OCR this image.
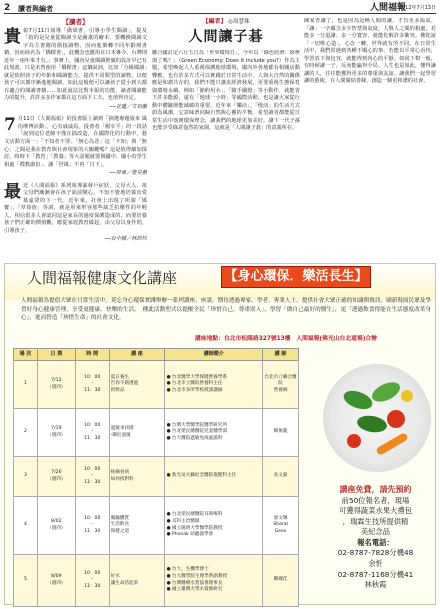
2 讀者與編者	人間福報
2012年7月13日
【讀者】

貴 報7月11日報導「僑梁書，引導小學生閱讀」，提及「指的是兒童從閱讀全是圖畫的繪本，要轉換閱讀文字為主書籍的銜接讀物，因而進銜轉不同年齡層書籍，因而商名為「橋樑書」，此概念也應用在日本專今，台灣則近年一兩年來才有。」事實上，國內兒童閱讀推廣的設計早已有此規畫，只是未曾使用「橋樑書」這個說詞，比如「分級閱讀」就是依照孩子的年齡和閱讀能力，提供不同類型的讀物，以便孩子可以循序漸進地閱讀，如此這般便可以讓孩子從小到大都有適合的閱讀書籍……如此說法比對本報的功能，讀者閱讀能力的提升，許許多多作家都在這方面下工夫，也值得肯定。

──花蓮／文如蘭

7 月11日《人間福報》的投書版上讀到「摘選專題報來 風俗摩博活動」，心有戚戚焉。投書者「楊宰平」的一段話「說到這位老師不僅在搞改造，在國際化的行動中，藝文活動方面一」「不知者不罪」「無心為惡」這「不知」與「無心」之間是我在教育與社會現象的大關鍵嗎？這是值得細加探討，時時下「教育」「教養」等大話題就要與國中、國小的學生相處「禮教庸俗」、讓「世風」不再「日下」。

──屏東／曾昊蕙

最 近《人間福報》系列報導暴發戶症狀，父母大人、祖父母們漸漸會在孩子面前變心，不知不覺地培養出愛慕虛榮的下一代。近年來，社會上出現了所謂「媽寶」、「草莓族」等詞，就是用來形容那些缺乏抗壓性的年輕人。相信很多人會認同這是家長的過度保護造成的。而要培養孩子們正確的價值觀，應從家庭教育做起，由父母以身作則，引導孩子。

──台中縣／林妙玲
【編者】 ◎周慧珠
人間讓子碁

聯合國訂定六月五日為「世界環境日」，今年以「綠色經濟：妳參與了嗎？」（Green Economy: Does it include you?）作為主題，希望喚起人人重視保護地球環境，國內外各地都有相關活動響應，也有許多方式可以實踐於日常生活中。人與大自然的關係應是和諧共存的，我們不能只講求經濟發展，更要重視生態保育與環境永續。例如「節約用水」、「隨手關燈」等小動作，就能省下許多能源。還有「地球一小時」等國際活動，也是讓大家從行動中體驗節能減碳的重要。近年來「樂活」、「慢活」的生活方式蔚為風潮，它意味著回歸自然與心靈的平衡。希望讀者都能從日常生活中落實環保理念，讓我們的地球更加美好，讓下一代子孫也能享受綠意盎然的家園，這就是「人間讓子碁」的意義所在。

陳家杏讓了，也是因為這種人間的讓，才有更多福氣。「讓」一字蘊含多少智慧與氣度，人與人之間的相處，若能多一分退讓、多一分寬容，就能化解許多衝突。佛陀說「一切唯心造」，心念一轉，世界就有所不同。在日常生活中，我們常遇到各種不順心的事，若能以平常心看待，學習放下與包容，就能得到內心的平靜。如同下棋一般，有時候讓一子，反而能贏得全局。人生也是如此，懂得謙讓的人，往往能獲得更多的尊重與友誼。讓我們一起學習讓的藝術，在人間廣結善緣，創造一個更和諧的社會。

人間福報健康文化講座	【身心環保．樂活長生】

人間福報為提倡大眾在日常生活中，莫忘身心環保實踐舉辦一系列講座、座談，期待透過專家、學者、專業人士，提供社會大眾正確的知識與資訊，刷新現面民眾及學習好身心健康管理，享受更健康、快樂的生活。　種此活動型式以提醒全民「珍惜自己，尊重別人」，學習「做自己最好的醫生」，更「透過飲食得能在生活態度改革身心」，進而營造「珍惜生命」的社會文化。

講座地點：台北市松隆路327號13樓　人間福報(佛光山台北道場)合辦
場 次	日 期	時 間	講 座	講師簡介	講 師
1	7/12
（週四）	10：00
-
11：30	夏日養生
告你不熱透過
的飲品	● 台北醫學大學保健營養學系
● 台北市立醫院營養科主任
● 台北市多所學校授課講師	台北市立聯合醫院
營養師
2	7/19
（週四）	10：00
-
11：30	過敏來找碴
-關於過敏	● 台灣大學醫學院醫學研究所
● 台北榮民總醫院兒童醫學部
● 台大醫院過敏免疫風濕科	陳俊龍
3	7/26
（週四）	10：00
-
11：30	疼痛看病
如何找對科	● 新光吳火獅紀念醫院復健科主任	吳文毅
4	8/02
（週四）	10：00
-
11：30	腸躁體質
生活飲食
保健之道	● 台北榮民總醫院耳鼻喉科
● 耳科主治醫師
● 國立陽明大學醫學院教授
● Phonak 助聽器學會	梁文輝
Sharal
Geex
5	8/09
（週四）	10：00
-
11：30	好水
讓生命活起來	● 台大、生機學博士
● 台大醫學院生理學系副教授
● 台灣醫療水質協會理事長
● 國立臺灣大學水資源研究	鄭爾佳
講座免費，請先預約
前50位報名者，現場
可獲得蔬菜水果大禮包
，瑞霖生技所提供精
美紀念品
報名電話：
02-8787-7828分機48
余忻
02-8787-1168分機41
林秋霞
